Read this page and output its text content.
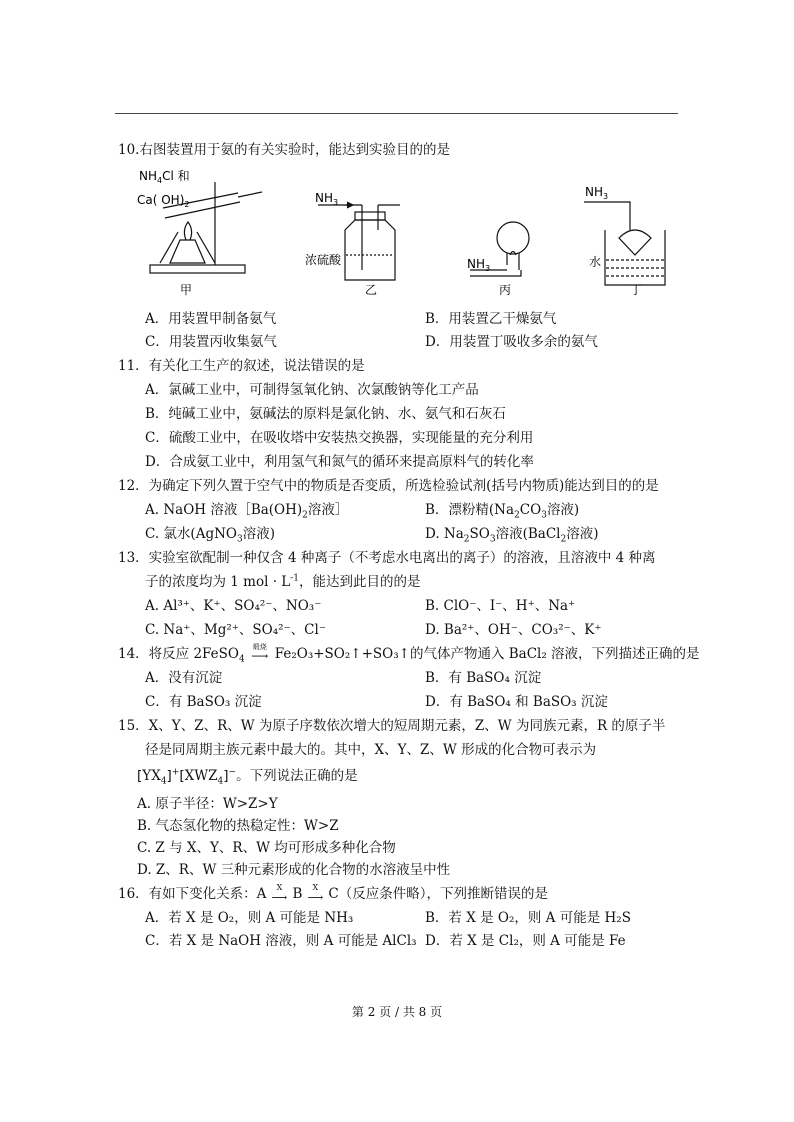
10.右图装置用于氨的有关实验时，能达到实验目的的是
$NH_4Cl$ 和
Ca( $OH)_2$
甲
$NH_3$
浓硫酸
乙
$NH_3$
丙
$NH_3$
水
丁
A．用装置甲制备氨气	B．用装置乙干燥氨气
C．用装置丙收集氨气	D．用装置丁吸收多余的氨气
11．有关化工生产的叙述，说法错误的是
A．氯碱工业中，可制得氢氧化钠、次氯酸钠等化工产品
B．纯碱工业中，氨碱法的原料是氯化钠、水、氨气和石灰石
C．硫酸工业中，在吸收塔中安装热交换器，实现能量的充分利用
D．合成氨工业中，利用氢气和氮气的循环来提高原料气的转化率
12．为确定下列久置于空气中的物质是否变质，所选检验试剂(括号内物质)能达到目的的是
A. NaOH 溶液$[Ba(OH)_2$溶液］	B．漂粉精($Na_2CO_3$溶液)
C. 氯水(AgNO$_3$溶液)	D. $Na_2SO_3$溶液(BaCl$_2$溶液)
13．实验室欲配制一种仅含 4 种离子（不考虑水电离出的离子）的溶液，且溶液中 4 种离
子的浓度均为 1 mol · $L^{-1}$，能达到此目的的是
A. Al³⁺、K⁺、SO₄²⁻、NO₃⁻	B. ClO⁻、I⁻、H⁺、Na⁺
C. Na⁺、Mg²⁺、SO₄²⁻、Cl⁻	D. Ba²⁺、OH⁻、CO₃²⁻、K⁺
14．将反应 2FeSO$_4$
煅烧
⟶ Fe₂O₃+SO₂↑+SO₃↑的气体产物通入 BaCl₂ 溶液，下列描述正确的是
A．没有沉淀	B．有 BaSO₄ 沉淀
C．有 BaSO₃ 沉淀	D．有 BaSO₄ 和 BaSO₃ 沉淀
15．X、Y、Z、R、W 为原子序数依次增大的短周期元素，Z、W 为同族元素，R 的原子半
径是同周期主族元素中最大的。其中，X、Y、Z、W 形成的化合物可表示为
$[YX_4]^+[XWZ_4]^-$。下列说法正确的是
A. 原子半径：W>Z>Y
B. 气态氢化物的热稳定性：W>Z
C. Z 与 X、Y、R、W 均可形成多种化合物
D. Z、R、W 三种元素形成的化合物的水溶液呈中性
16．有如下变化关系：A	X
⟶ B	X
⟶ C（反应条件略），下列推断错误的是
A．若 X 是 O₂，则 A 可能是 NH₃	B．若 X 是 O₂，则 A 可能是 H₂S
C．若 X 是 NaOH 溶液，则 A 可能是 AlCl₃ D．若 X 是 Cl₂，则 A 可能是 Fe
第 2 页 / 共 8 页
